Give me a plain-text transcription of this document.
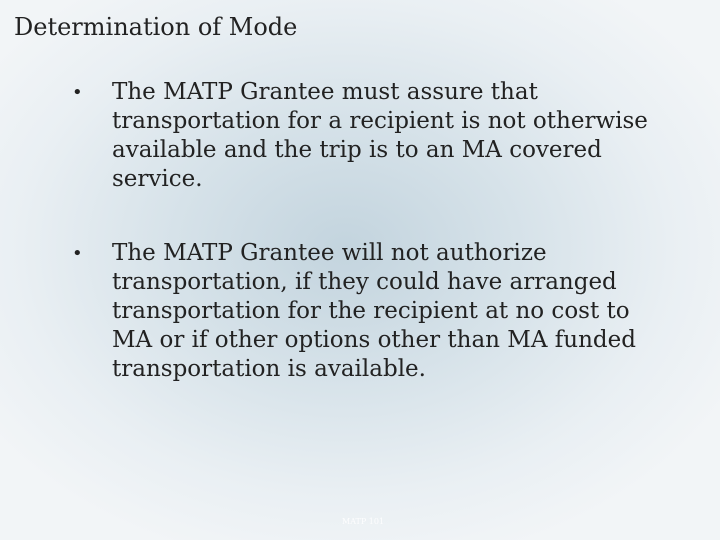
Determination of Mode
• The MATP Grantee must assure that transportation for a recipient is not otherwise available and the trip is to an MA covered service.
• The MATP Grantee will not authorize transportation, if they could have arranged transportation for the recipient at no cost to MA or if other options other than MA funded transportation is available.
MATP 101
